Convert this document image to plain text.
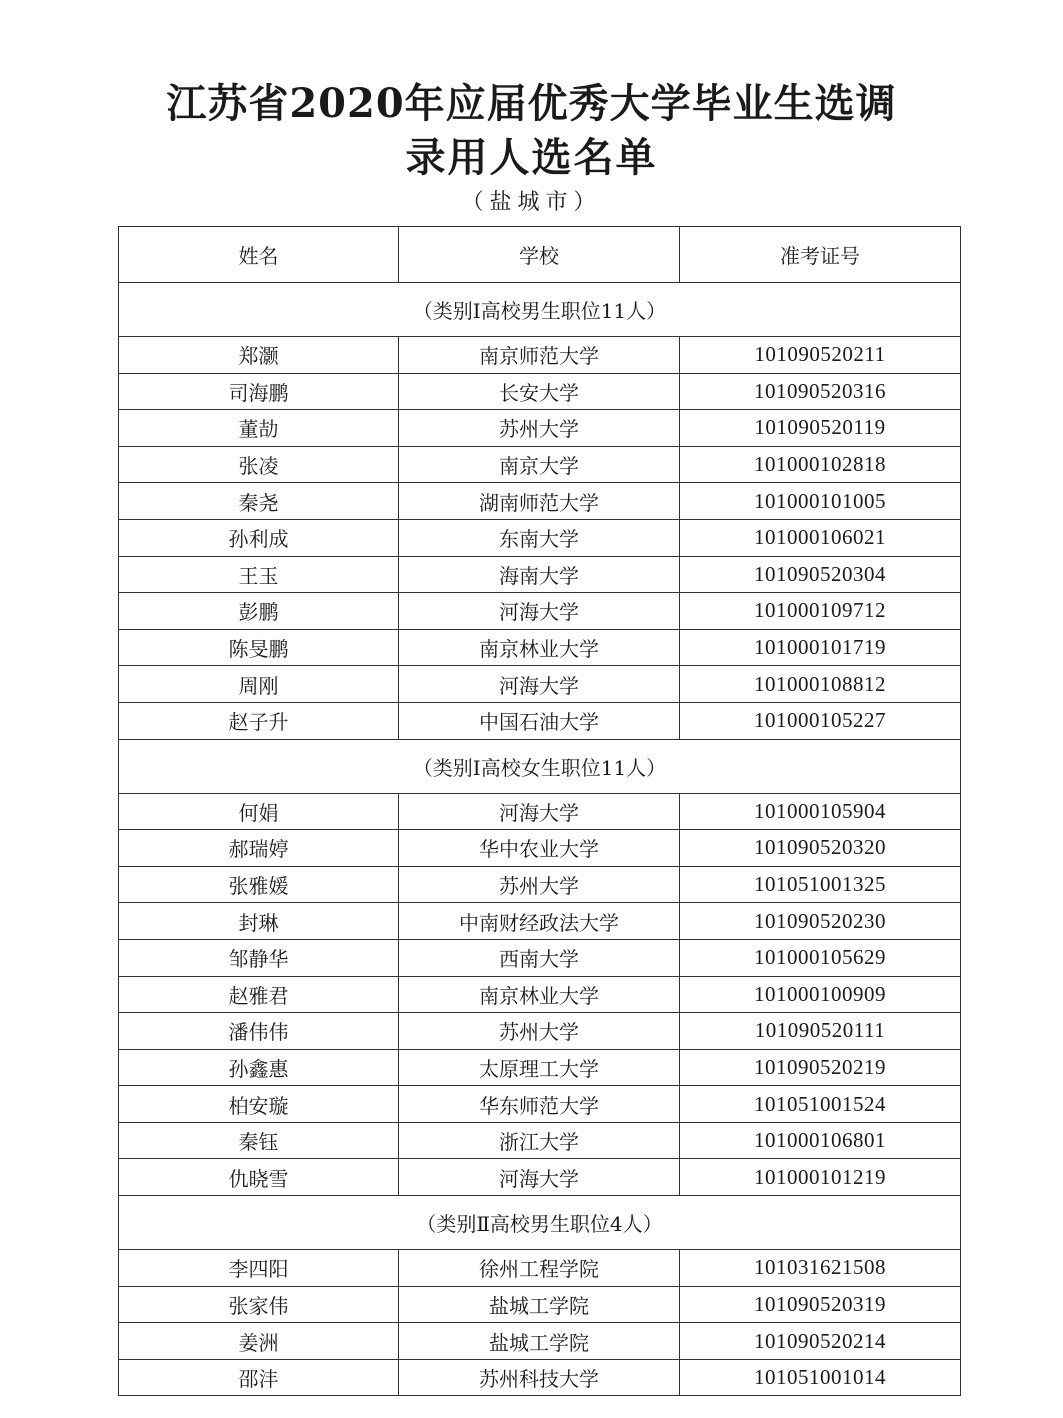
江苏省2020年应届优秀大学毕业生选调
录用人选名单
（盐城市）
姓名	学校	准考证号
（类别Ⅰ高校男生职位11人）		
郑灏	南京师范大学	101090520211
司海鹏	长安大学	101090520316
董劼	苏州大学	101090520119
张凌	南京大学	101000102818
秦尧	湖南师范大学	101000101005
孙利成	东南大学	101000106021
王玉	海南大学	101090520304
彭鹏	河海大学	101000109712
陈旻鹏	南京林业大学	101000101719
周刚	河海大学	101000108812
赵子升	中国石油大学	101000105227
（类别Ⅰ高校女生职位11人）		
何娟	河海大学	101000105904
郝瑞婷	华中农业大学	101090520320
张雅媛	苏州大学	101051001325
封琳	中南财经政法大学	101090520230
邹静华	西南大学	101000105629
赵雅君	南京林业大学	101000100909
潘伟伟	苏州大学	101090520111
孙鑫惠	太原理工大学	101090520219
柏安璇	华东师范大学	101051001524
秦钰	浙江大学	101000106801
仇晓雪	河海大学	101000101219
（类别Ⅱ高校男生职位4人）		
李四阳	徐州工程学院	101031621508
张家伟	盐城工学院	101090520319
姜洲	盐城工学院	101090520214
邵沣	苏州科技大学	101051001014
